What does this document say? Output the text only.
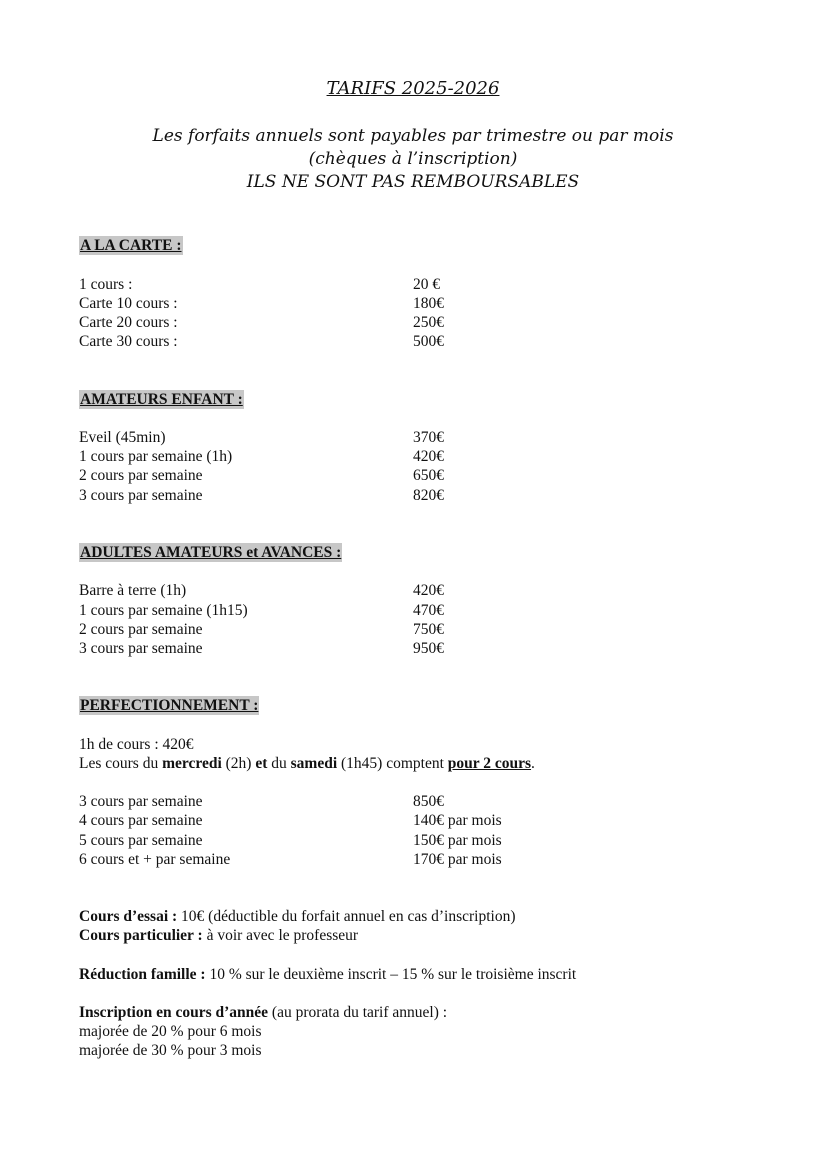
TARIFS 2025-2026
Les forfaits annuels sont payables par trimestre ou par mois
(chèques à l’inscription)
ILS NE SONT PAS REMBOURSABLES
A LA CARTE :
1 cours :	20 €
Carte 10 cours :	180€
Carte 20 cours :	250€
Carte 30 cours :	500€
AMATEURS ENFANT :
Eveil (45min)	370€
1 cours par semaine (1h)	420€
2 cours par semaine	650€
3 cours par semaine	820€
ADULTES AMATEURS et AVANCES :
Barre à terre (1h)	420€
1 cours par semaine (1h15)	470€
2 cours par semaine	750€
3 cours par semaine	950€
PERFECTIONNEMENT :
1h de cours : 420€
Les cours du mercredi (2h) et du samedi (1h45) comptent pour 2 cours.
3 cours par semaine	850€
4 cours par semaine	140€ par mois
5 cours par semaine	150€ par mois
6 cours et + par semaine	170€ par mois
Cours d’essai : 10€ (déductible du forfait annuel en cas d’inscription)
Cours particulier : à voir avec le professeur
Réduction famille : 10 % sur le deuxième inscrit – 15 % sur le troisième inscrit
Inscription en cours d’année (au prorata du tarif annuel) :
majorée de 20 % pour 6 mois
majorée de 30 % pour 3 mois
